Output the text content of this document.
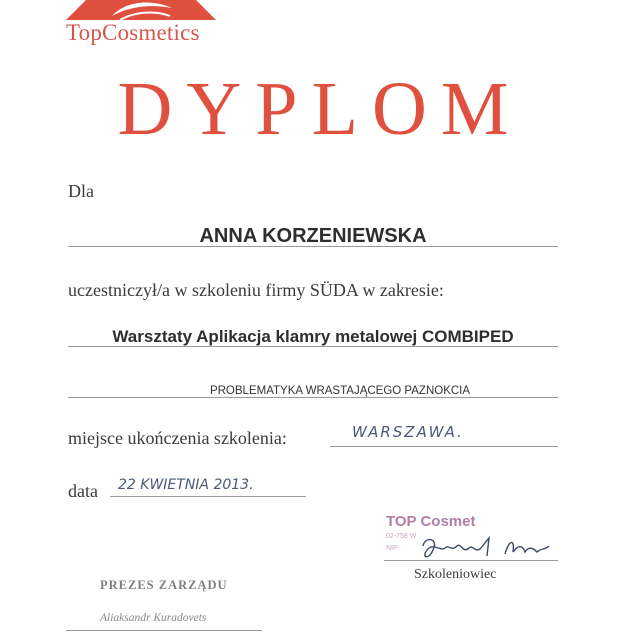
TopCosmetics
DYPLOM
Dla
ANNA KORZENIEWSKA
uczestniczył/a w szkoleniu firmy SÜDA w zakresie:
Warsztaty Aplikacja klamry metalowej COMBIPED
PROBLEMATYKA WRASTAJĄCEGO PAZNOKCIA
miejsce ukończenia szkolenia:	WARSZAWA.
data 22 KWIETNIA 2013.
TOP Cosmet
02-758 W
NIP
Szkoleniowiec
PREZES ZARZĄDU
Aliaksandr Kuradovets
